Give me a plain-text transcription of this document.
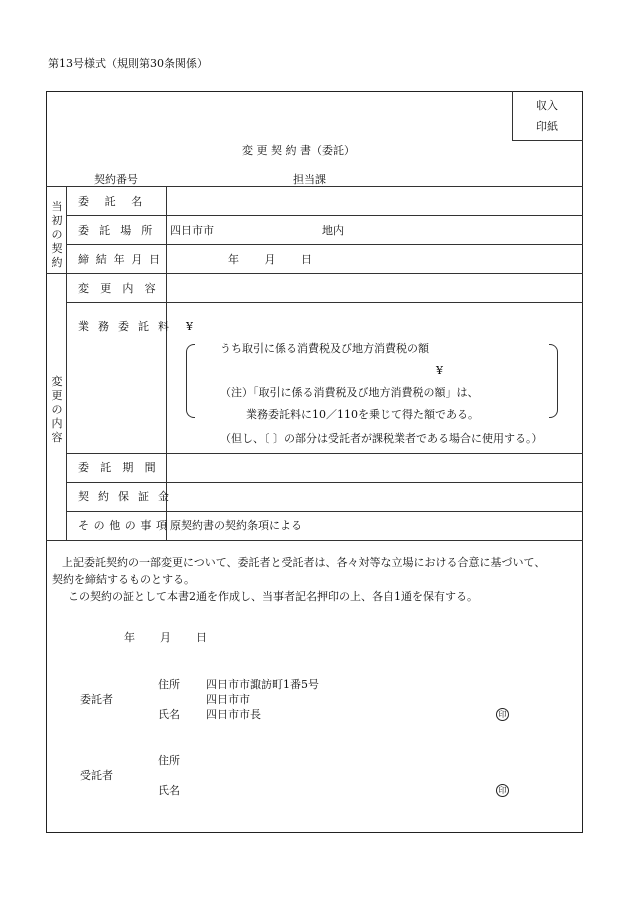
第13号様式（規則第30条関係）
収入
印紙
変 更 契 約 書（委託）
契約番号	担当課
当初の契約
委 託 名
委 託 場 所 四日市市	地内
締 結 年 月 日	年 月 日
変更の内容
変 更 内 容
業 務 委 託 料 ¥
うち取引に係る消費税及び地方消費税の額
¥
（注）「取引に係る消費税及び地方消費税の額」は、
業務委託料に10／110を乗じて得た額である。
（但し、〔 〕の部分は受託者が課税業者である場合に使用する。）
委 託 期 間
契 約 保 証 金
そ の 他 の 事 項 原契約書の契約条項による
上記委託契約の一部変更について、委託者と受託者は、各々対等な立場における合意に基づいて、
契約を締結するものとする。
この契約の証として本書2通を作成し、当事者記名押印の上、各自1通を保有する。
年 月 日
委託者
住所 四日市市諏訪町1番5号
四日市市
氏名 四日市市長	印
受託者
住所
氏名	印
